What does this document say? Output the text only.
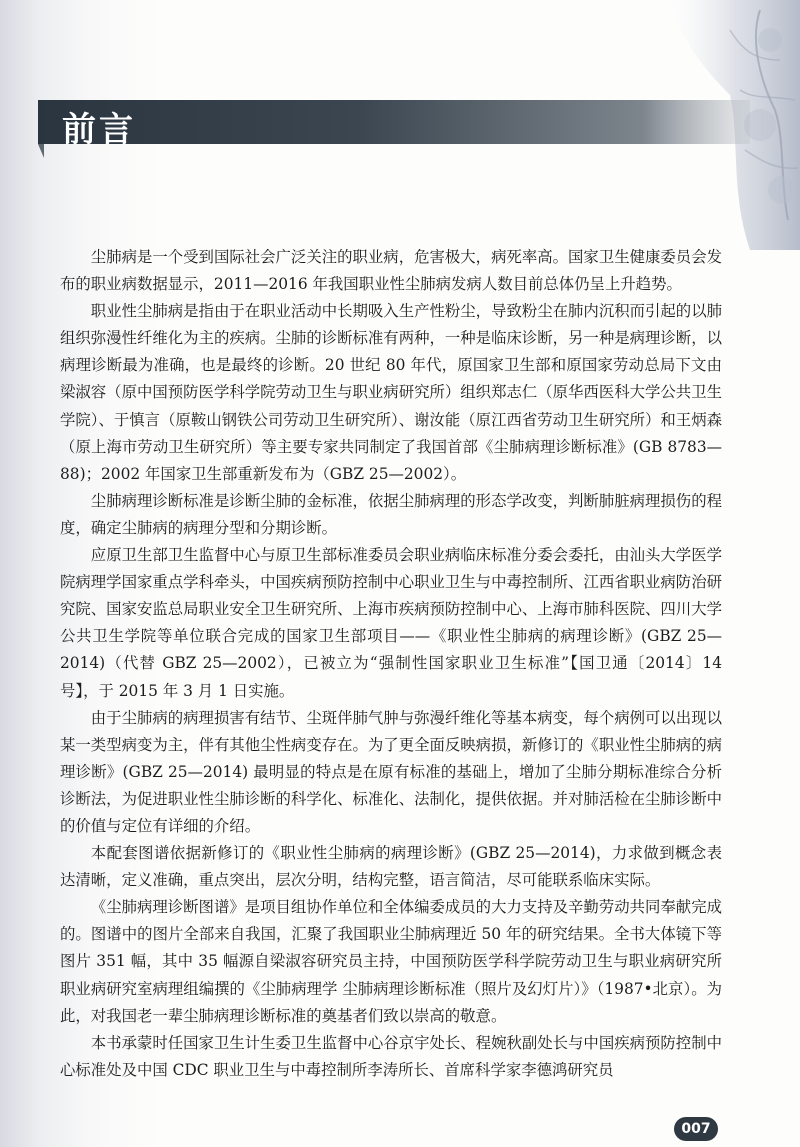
前言

尘肺病是一个受到国际社会广泛关注的职业病，危害极大，病死率高。国家卫生健康委员会发布的职业病数据显示，2011—2016 年我国职业性尘肺病发病人数目前总体仍呈上升趋势。

职业性尘肺病是指由于在职业活动中长期吸入生产性粉尘，导致粉尘在肺内沉积而引起的以肺组织弥漫性纤维化为主的疾病。尘肺的诊断标准有两种，一种是临床诊断，另一种是病理诊断，以病理诊断最为准确，也是最终的诊断。20 世纪 80 年代，原国家卫生部和原国家劳动总局下文由梁淑容（原中国预防医学科学院劳动卫生与职业病研究所）组织郑志仁（原华西医科大学公共卫生学院）、于慎言（原鞍山钢铁公司劳动卫生研究所）、谢汝能（原江西省劳动卫生研究所）和王炳森（原上海市劳动卫生研究所）等主要专家共同制定了我国首部《尘肺病理诊断标准》(GB 8783—88)；2002 年国家卫生部重新发布为（GBZ 25—2002）。

尘肺病理诊断标准是诊断尘肺的金标准，依据尘肺病理的形态学改变，判断肺脏病理损伤的程度，确定尘肺病的病理分型和分期诊断。

应原卫生部卫生监督中心与原卫生部标准委员会职业病临床标准分委会委托，由汕头大学医学院病理学国家重点学科牵头，中国疾病预防控制中心职业卫生与中毒控制所、江西省职业病防治研究院、国家安监总局职业安全卫生研究所、上海市疾病预防控制中心、上海市肺科医院、四川大学公共卫生学院等单位联合完成的国家卫生部项目——《职业性尘肺病的病理诊断》(GBZ 25—2014)（代替 GBZ 25—2002），已被立为“强制性国家职业卫生标准”【国卫通〔2014〕14 号】，于 2015 年 3 月 1 日实施。

由于尘肺病的病理损害有结节、尘斑伴肺气肿与弥漫纤维化等基本病变，每个病例可以出现以某一类型病变为主，伴有其他尘性病变存在。为了更全面反映病损，新修订的《职业性尘肺病的病理诊断》(GBZ 25—2014) 最明显的特点是在原有标准的基础上，增加了尘肺分期标准综合分析诊断法，为促进职业性尘肺诊断的科学化、标准化、法制化，提供依据。并对肺活检在尘肺诊断中的价值与定位有详细的介绍。

本配套图谱依据新修订的《职业性尘肺病的病理诊断》(GBZ 25—2014)，力求做到概念表达清晰，定义准确，重点突出，层次分明，结构完整，语言简洁，尽可能联系临床实际。

《尘肺病理诊断图谱》是项目组协作单位和全体编委成员的大力支持及辛勤劳动共同奉献完成的。图谱中的图片全部来自我国，汇聚了我国职业尘肺病理近 50 年的研究结果。全书大体镜下等图片 351 幅，其中 35 幅源自梁淑容研究员主持，中国预防医学科学院劳动卫生与职业病研究所职业病研究室病理组编撰的《尘肺病理学 尘肺病理诊断标准（照片及幻灯片）》（1987•北京）。为此，对我国老一辈尘肺病理诊断标准的奠基者们致以崇高的敬意。

本书承蒙时任国家卫生计生委卫生监督中心谷京宇处长、程婉秋副处长与中国疾病预防控制中心标准处及中国 CDC 职业卫生与中毒控制所李涛所长、首席科学家李德鸿研究员

007
